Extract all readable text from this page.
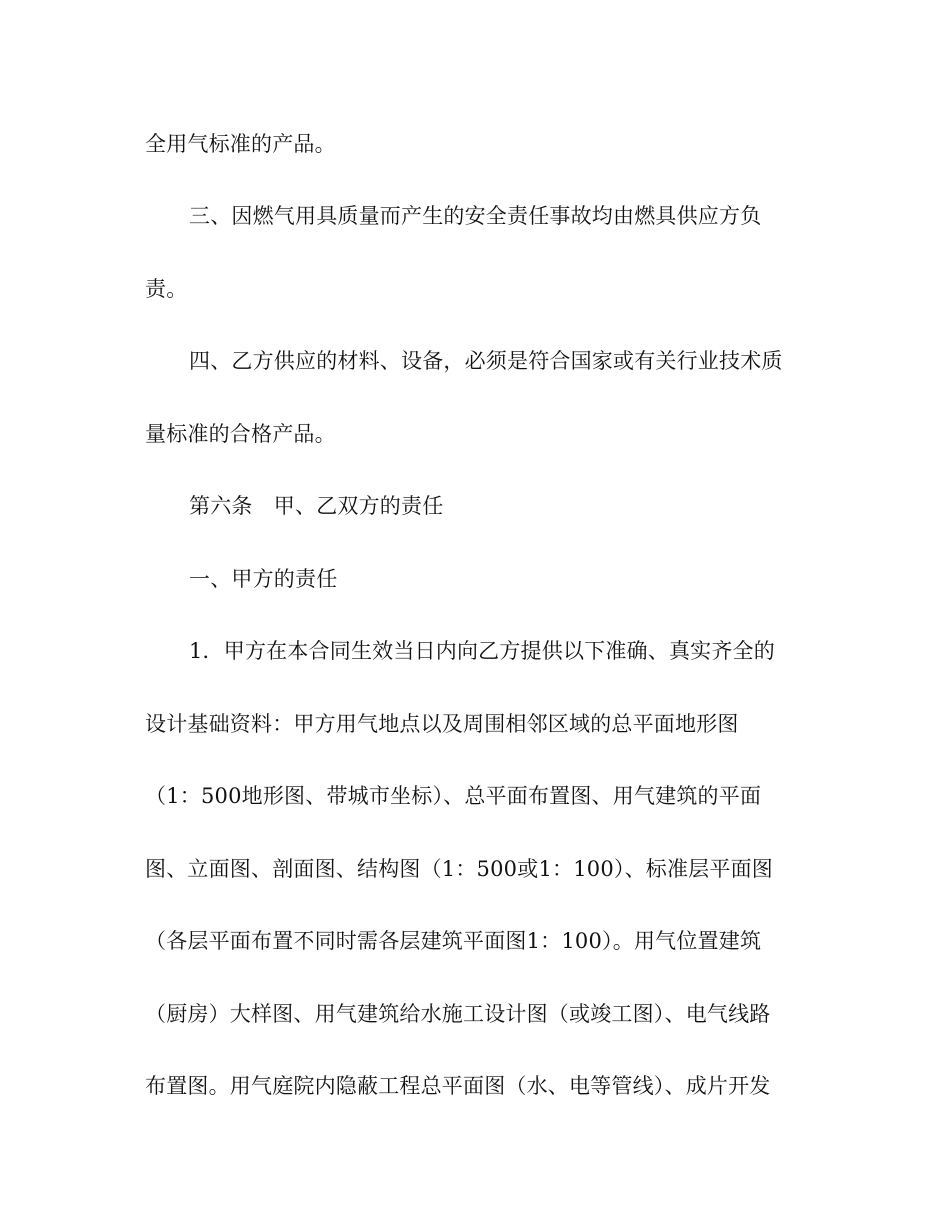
全用气标准的产品。
三、因燃气用具质量而产生的安全责任事故均由燃具供应方负
责。
四、乙方供应的材料、设备，必须是符合国家或有关行业技术质
量标准的合格产品。
第六条　甲、乙双方的责任
一、甲方的责任
1．甲方在本合同生效当日内向乙方提供以下准确、真实齐全的
设计基础资料：甲方用气地点以及周围相邻区域的总平面地形图
（1：500地形图、带城市坐标）、总平面布置图、用气建筑的平面
图、立面图、剖面图、结构图（1：500或1：100）、标准层平面图
（各层平面布置不同时需各层建筑平面图1：100）。用气位置建筑
（厨房）大样图、用气建筑给水施工设计图（或竣工图）、电气线路
布置图。用气庭院内隐蔽工程总平面图（水、电等管线）、成片开发
